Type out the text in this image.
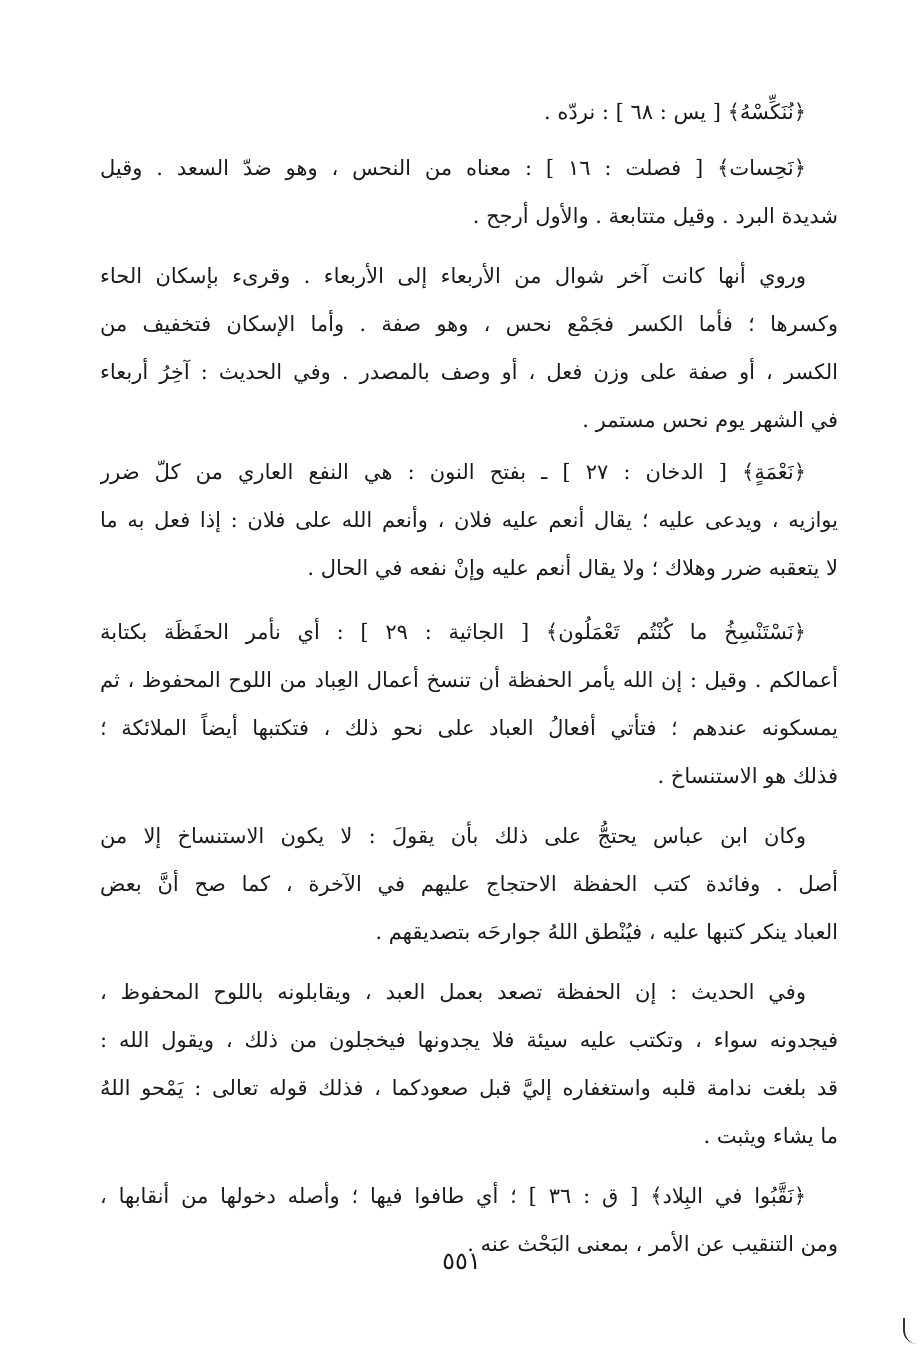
﴿نُنَكِّسْهُ﴾ [ يس : ٦٨ ] : نردّه .
﴿نَحِسات﴾ [ فصلت : ١٦ ] : معناه من النحس ، وهو ضدّ السعد . وقيل
شديدة البرد . وقيل متتابعة . والأول أرجح .
وروي أنها كانت آخر شوال من الأربعاء إلى الأربعاء . وقرىء بإسكان الحاء
وكسرها ؛ فأما الكسر فجَمْع نحس ، وهو صفة . وأما الإسكان فتخفيف من
الكسر ، أو صفة على وزن فعل ، أو وصف بالمصدر . وفي الحديث : آخِرُ أربعاء
في الشهر يوم نحس مستمر .
﴿نَعْمَةٍ﴾ [ الدخان : ٢٧ ] ـ بفتح النون : هي النفع العاري من كلّ ضرر
يوازيه ، ويدعى عليه ؛ يقال أنعم عليه فلان ، وأنعم الله على فلان : إذا فعل به ما
لا يتعقبه ضرر وهلاك ؛ ولا يقال أنعم عليه وإنْ نفعه في الحال .
﴿نَسْتَنْسِخُ ما كُنْتُم تَعْمَلُون﴾ [ الجاثية : ٢٩ ] : أي نأمر الحفَظَة بكتابة
أعمالكم . وقيل : إن الله يأمر الحفظة أن تنسخ أعمال العِباد من اللوح المحفوظ ، ثم
يمسكونه عندهم ؛ فتأتي أفعالُ العباد على نحو ذلك ، فتكتبها أيضاً الملائكة ؛
فذلك هو الاستنساخ .
وكان ابن عباس يحتجُّ على ذلك بأن يقولَ : لا يكون الاستنساخ إلا من
أصل . وفائدة كتب الحفظة الاحتجاج عليهم في الآخرة ، كما صح أنَّ بعض
العباد ينكر كتبها عليه ، فيُنْطق اللهُ جوارحَه بتصديقهم .
وفي الحديث : إن الحفظة تصعد بعمل العبد ، ويقابلونه باللوح المحفوظ ،
فيجدونه سواء ، وتكتب عليه سيئة فلا يجدونها فيخجلون من ذلك ، ويقول الله :
قد بلغت ندامة قلبه واستغفاره إليَّ قبل صعودكما ، فذلك قوله تعالى : يَمْحو اللهُ
ما يشاء ويثبت .
﴿نَقَّبُوا في البِلاد﴾ [ ق : ٣٦ ] ؛ أي طافوا فيها ؛ وأصله دخولها من أنقابها ،
ومن التنقيب عن الأمر ، بمعنى البَحْث عنه .
٥٥١
